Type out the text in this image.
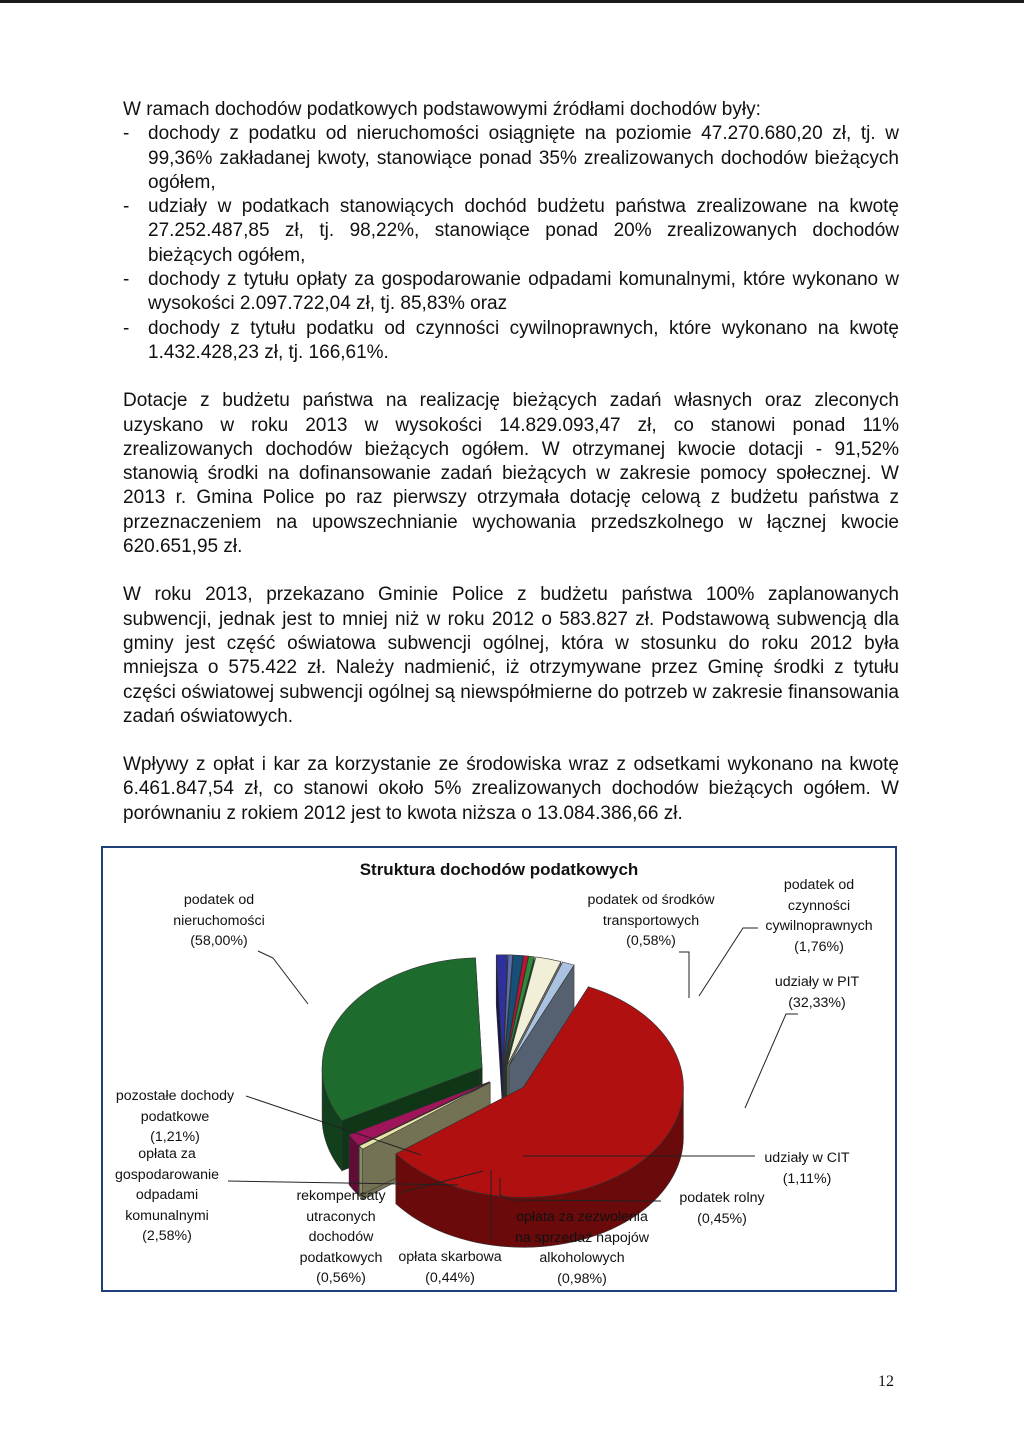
W ramach dochodów podatkowych podstawowymi źródłami dochodów były:

- dochody z podatku od nieruchomości osiągnięte na poziomie 47.270.680,20 zł, tj. w 99,36% zakładanej kwoty, stanowiące ponad 35% zrealizowanych dochodów bieżących ogółem,
- udziały w podatkach stanowiących dochód budżetu państwa zrealizowane na kwotę 27.252.487,85 zł, tj. 98,22%, stanowiące ponad 20% zrealizowanych dochodów bieżących ogółem,
- dochody z tytułu opłaty za gospodarowanie odpadami komunalnymi, które wykonano w wysokości 2.097.722,04 zł, tj. 85,83% oraz
- dochody z tytułu podatku od czynności cywilnoprawnych, które wykonano na kwotę 1.432.428,23 zł, tj. 166,61%.

Dotacje z budżetu państwa na realizację bieżących zadań własnych oraz zleconych uzyskano w roku 2013 w wysokości 14.829.093,47 zł, co stanowi ponad 11% zrealizowanych dochodów bieżących ogółem. W otrzymanej kwocie dotacji - 91,52% stanowią środki na dofinansowanie zadań bieżących w zakresie pomocy społecznej. W 2013 r. Gmina Police po raz pierwszy otrzymała dotację celową z budżetu państwa z przeznaczeniem na upowszechnianie wychowania przedszkolnego w łącznej kwocie 620.651,95 zł.

W roku 2013, przekazano Gminie Police z budżetu państwa 100% zaplanowanych subwencji, jednak jest to mniej niż w roku 2012 o 583.827 zł. Podstawową subwencją dla gminy jest część oświatowa subwencji ogólnej, która w stosunku do roku 2012 była mniejsza o 575.422 zł. Należy nadmienić, iż otrzymywane przez Gminę środki z tytułu części oświatowej subwencji ogólnej są niewspółmierne do potrzeb w zakresie finansowania zadań oświatowych.

Wpływy z opłat i kar za korzystanie ze środowiska wraz z odsetkami wykonano na kwotę 6.461.847,54 zł, co stanowi około 5% zrealizowanych dochodów bieżących ogółem. W porównaniu z rokiem 2012 jest to kwota niższa o 13.084.386,66 zł.

Struktura dochodów podatkowych
podatek od
nieruchomości
(58,00%)
podatek od środków
transportowych
(0,58%)
podatek od
czynności
cywilnoprawnych
(1,76%)
udziały w PIT
(32,33%)
udziały w CIT
(1,11%)
podatek rolny
(0,45%)
opłata za zezwolenia
na sprzedaż napojów
alkoholowych
(0,98%)
opłata skarbowa
(0,44%)
rekompensaty
utraconych
dochodów
podatkowych
(0,56%)
opłata za
gospodarowanie
odpadami
komunalnymi
(2,58%)
pozostałe dochody
podatkowe
(1,21%)
12
